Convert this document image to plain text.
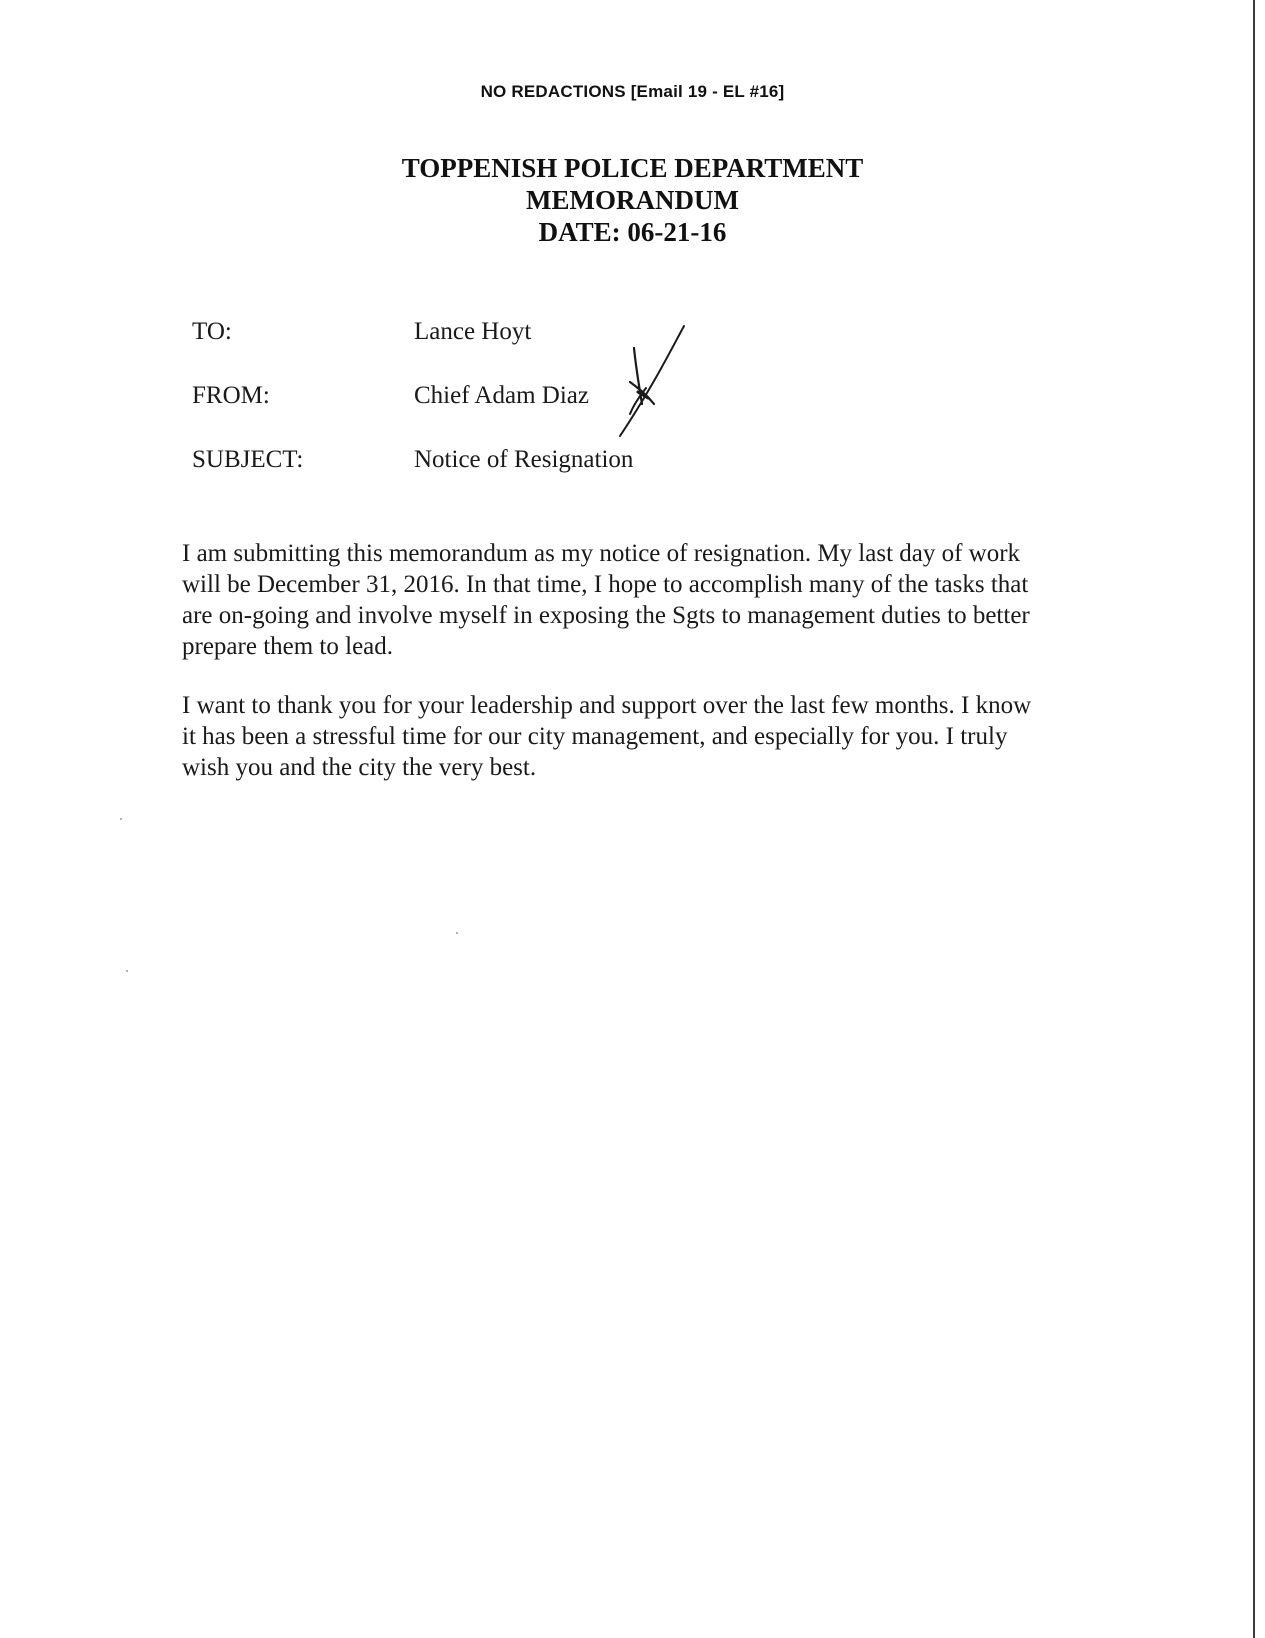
NO REDACTIONS [Email 19 - EL #16]
TOPPENISH POLICE DEPARTMENT
MEMORANDUM
DATE: 06-21-16
TO:	Lance Hoyt
FROM:	Chief Adam Diaz
SUBJECT:	Notice of Resignation

I am submitting this memorandum as my notice of resignation. My last day of work will be December 31, 2016. In that time, I hope to accomplish many of the tasks that are on-going and involve myself in exposing the Sgts to management duties to better prepare them to lead.

I want to thank you for your leadership and support over the last few months. I know it has been a stressful time for our city management, and especially for you. I truly wish you and the city the very best.
